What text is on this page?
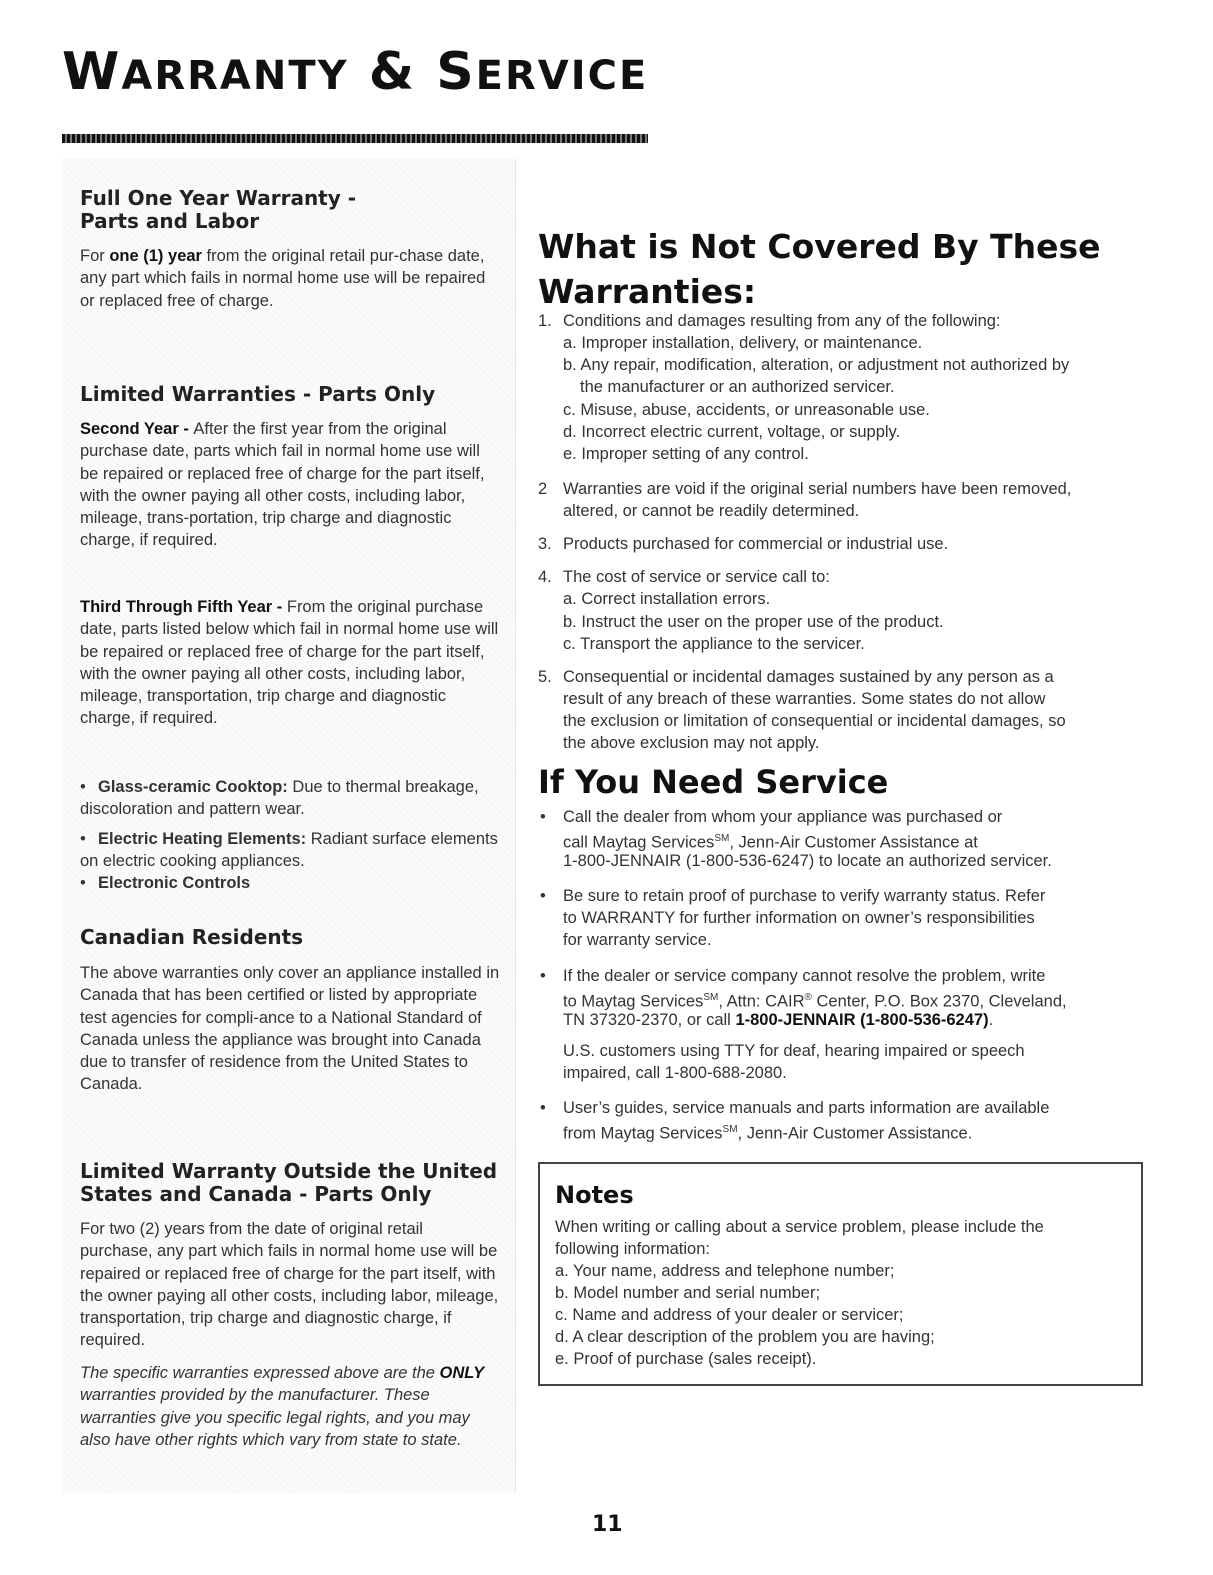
WARRANTY & SERVICE
Full One Year Warranty -
Parts and Labor
For one (1) year from the original retail pur-chase date, any part which fails in normal home use will be repaired or replaced free of charge.
Limited Warranties - Parts Only
Second Year - After the first year from the original purchase date, parts which fail in normal home use will be repaired or replaced free of charge for the part itself, with the owner paying all other costs, including labor, mileage, trans-portation, trip charge and diagnostic charge, if required.
Third Through Fifth Year - From the original purchase date, parts listed below which fail in normal home use will be repaired or replaced free of charge for the part itself, with the owner paying all other costs, including labor, mileage, transportation, trip charge and diagnostic charge, if required.
• Glass-ceramic Cooktop: Due to thermal breakage, discoloration and pattern wear.
• Electric Heating Elements: Radiant surface elements on electric cooking appliances.
• Electronic Controls
Canadian Residents
The above warranties only cover an appliance installed in Canada that has been certified or listed by appropriate test agencies for compli-ance to a National Standard of Canada unless the appliance was brought into Canada due to transfer of residence from the United States to Canada.
Limited Warranty Outside the United
States and Canada - Parts Only
For two (2) years from the date of original retail purchase, any part which fails in normal home use will be repaired or replaced free of charge for the part itself, with the owner paying all other costs, including labor, mileage, transportation, trip charge and diagnostic charge, if required.
The specific warranties expressed above are the ONLY warranties provided by the manufacturer. These warranties give you specific legal rights, and you may also have other rights which vary from state to state.
What is Not Covered By These
Warranties:
1. Conditions and damages resulting from any of the following:
a. Improper installation, delivery, or maintenance.
b. Any repair, modification, alteration, or adjustment not authorized by
the manufacturer or an authorized servicer.
c. Misuse, abuse, accidents, or unreasonable use.
d. Incorrect electric current, voltage, or supply.
e. Improper setting of any control.
2 Warranties are void if the original serial numbers have been removed,
altered, or cannot be readily determined.
3. Products purchased for commercial or industrial use.
4. The cost of service or service call to:
a. Correct installation errors.
b. Instruct the user on the proper use of the product.
c. Transport the appliance to the servicer.
5. Consequential or incidental damages sustained by any person as a
result of any breach of these warranties. Some states do not allow
the exclusion or limitation of consequential or incidental damages, so
the above exclusion may not apply.
If You Need Service
• Call the dealer from whom your appliance was purchased or
call Maytag Services℠, Jenn-Air Customer Assistance at
1-800-JENNAIR (1-800-536-6247) to locate an authorized servicer.
• Be sure to retain proof of purchase to verify warranty status. Refer
to WARRANTY for further information on owner’s responsibilities
for warranty service.
• If the dealer or service company cannot resolve the problem, write
to Maytag Services℠, Attn: CAIR® Center, P.O. Box 2370, Cleveland,
TN 37320-2370, or call 1-800-JENNAIR (1-800-536-6247).
U.S. customers using TTY for deaf, hearing impaired or speech
impaired, call 1-800-688-2080.
• User’s guides, service manuals and parts information are available
from Maytag Services℠, Jenn-Air Customer Assistance.
Notes
When writing or calling about a service problem, please include the
following information:
a. Your name, address and telephone number;
b. Model number and serial number;
c. Name and address of your dealer or servicer;
d. A clear description of the problem you are having;
e. Proof of purchase (sales receipt).
11
